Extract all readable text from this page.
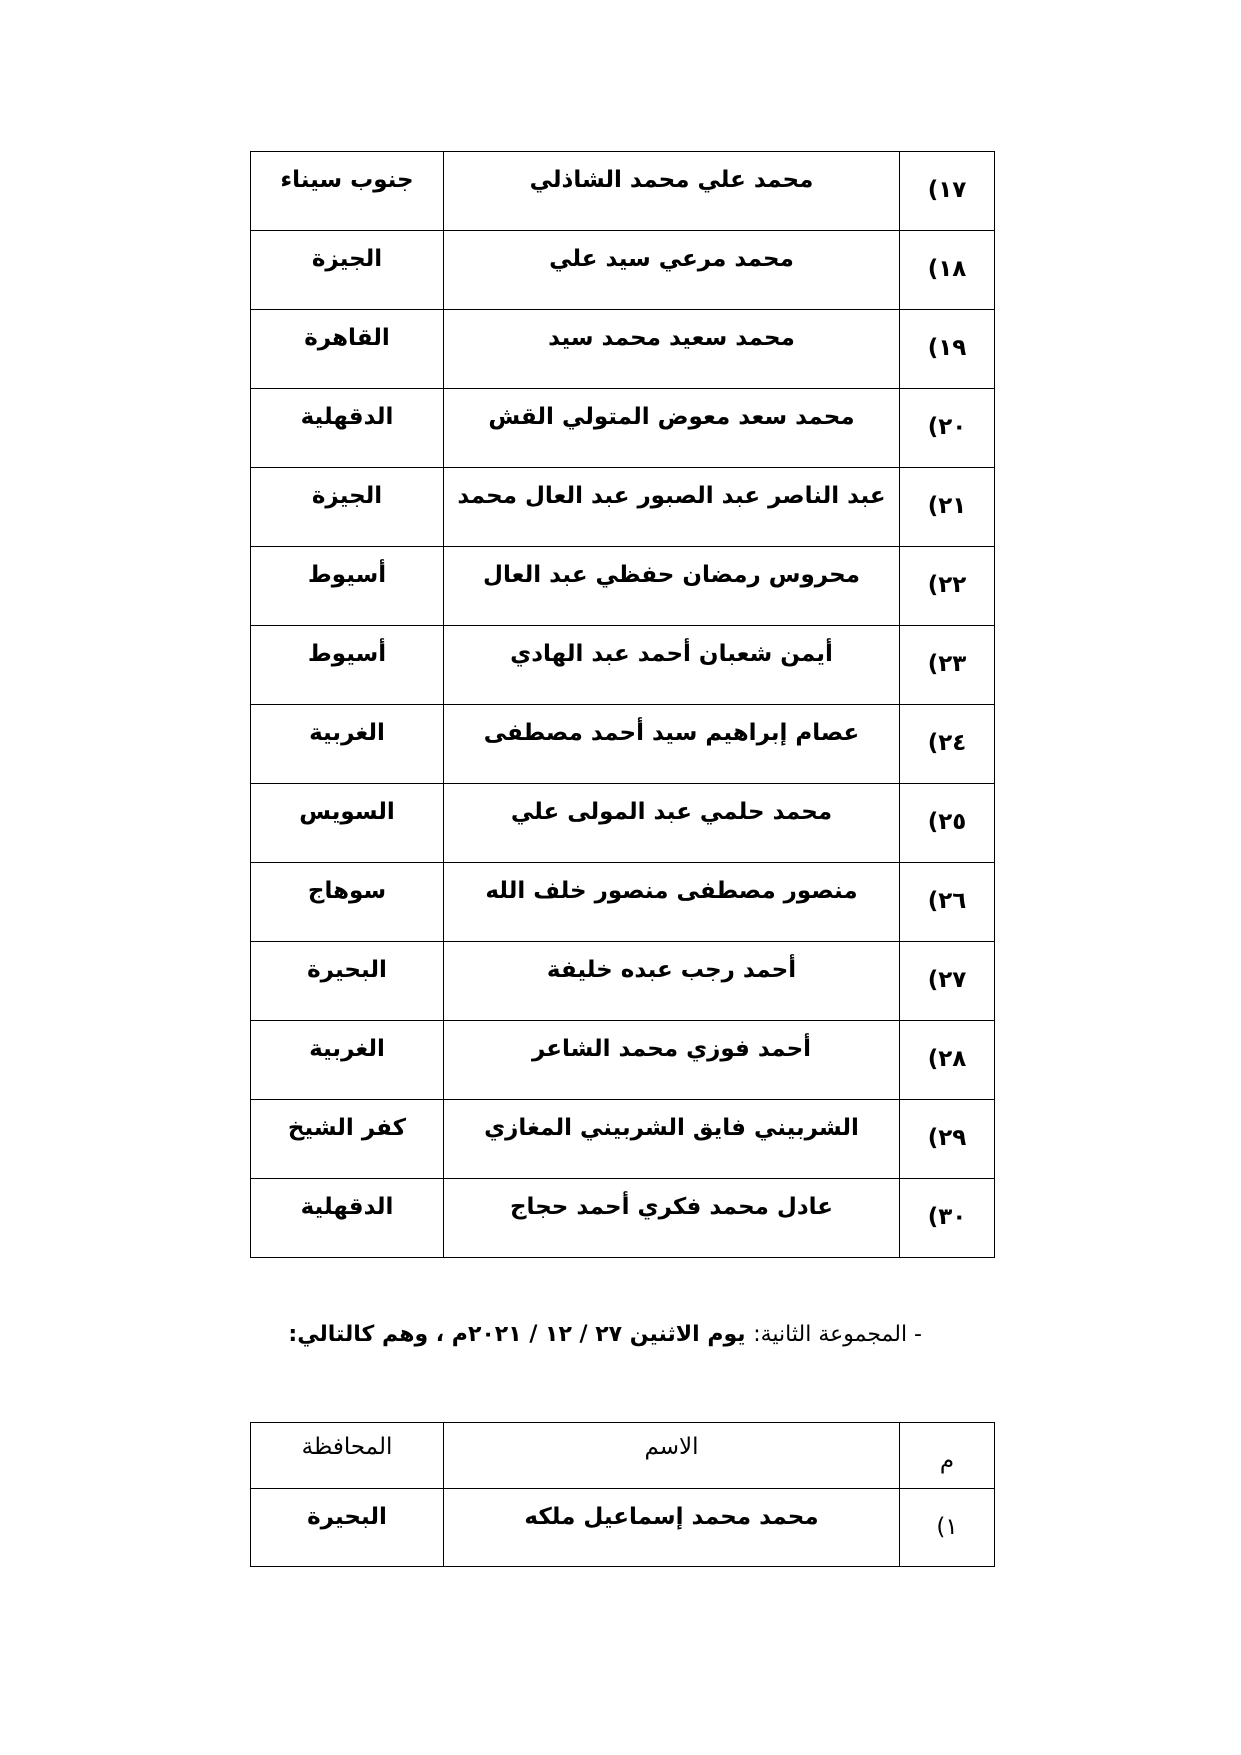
١٧)	محمد علي محمد الشاذلي	جنوب سيناء

١٨)	محمد مرعي سيد علي	الجيزة

١٩)	محمد سعيد محمد سيد	القاهرة

٢٠)	محمد سعد معوض المتولي القش	الدقهلية

٢١)	عبد الناصر عبد الصبور عبد العال محمد	الجيزة

٢٢)	محروس رمضان حفظي عبد العال	أسيوط

٢٣)	أيمن شعبان أحمد عبد الهادي	أسيوط

٢٤)	عصام إبراهيم سيد أحمد مصطفى	الغربية

٢٥)	محمد حلمي عبد المولى علي	السويس

٢٦)	منصور مصطفى منصور خلف الله	سوهاج

٢٧)	أحمد رجب عبده خليفة	البحيرة

٢٨)	أحمد فوزي محمد الشاعر	الغربية

٢٩)	الشربيني فايق الشربيني المغازي	كفر الشيخ

٣٠)	عادل محمد فكري أحمد حجاج	الدقهلية
- المجموعة الثانية: يوم الاثنين ٢٧ / ١٢ / ٢٠٢١م ، وهم كالتالي:
م	الاسم	المحافظة

١)	محمد محمد إسماعيل ملكه	البحيرة
